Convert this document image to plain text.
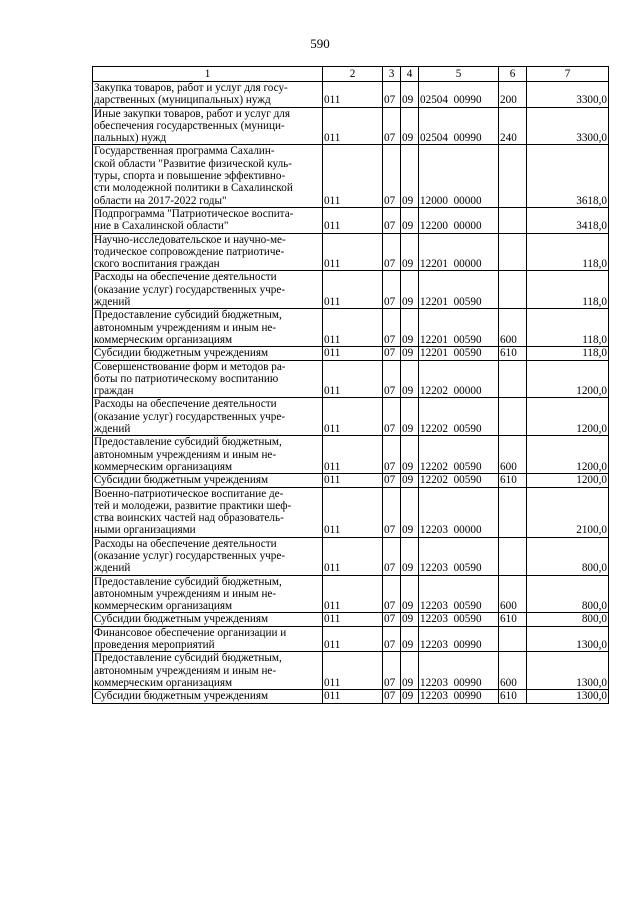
590
1	2	3	4	5	6	7

Закупка товаров, работ и услуг для госу-
дарственных (муниципальных) нужд	011	07	09	02504  00990	200	3300,0

Иные закупки товаров, работ и услуг для
обеспечения государственных (муници-
пальных) нужд	011	07	09	02504  00990	240	3300,0

Государственная программа Сахалин-
ской области "Развитие физической куль-
туры, спорта и повышение эффективно-
сти молодежной политики в Сахалинской
области на 2017-2022 годы"	011	07	09	12000  00000		3618,0

Подпрограмма "Патриотическое воспита-
ние в Сахалинской области"	011	07	09	12200  00000		3418,0

Научно-исследовательское и научно-ме-
тодическое сопровождение патриотиче-
ского воспитания граждан	011	07	09	12201  00000		118,0

Расходы на обеспечение деятельности
(оказание услуг) государственных учре-
ждений	011	07	09	12201  00590		118,0

Предоставление субсидий бюджетным,
автономным учреждениям и иным не-
коммерческим организациям	011	07	09	12201  00590	600	118,0

Субсидии бюджетным учреждениям	011	07	09	12201  00590	610	118,0

Совершенствование форм и методов ра-
боты по патриотическому воспитанию
граждан	011	07	09	12202  00000		1200,0

Расходы на обеспечение деятельности
(оказание услуг) государственных учре-
ждений	011	07	09	12202  00590		1200,0

Предоставление субсидий бюджетным,
автономным учреждениям и иным не-
коммерческим организациям	011	07	09	12202  00590	600	1200,0

Субсидии бюджетным учреждениям	011	07	09	12202  00590	610	1200,0

Военно-патриотическое воспитание де-
тей и молодежи, развитие практики шеф-
ства воинских частей над образователь-
ными организациями	011	07	09	12203  00000		2100,0

Расходы на обеспечение деятельности
(оказание услуг) государственных учре-
ждений	011	07	09	12203  00590		800,0

Предоставление субсидий бюджетным,
автономным учреждениям и иным не-
коммерческим организациям	011	07	09	12203  00590	600	800,0

Субсидии бюджетным учреждениям	011	07	09	12203  00590	610	800,0

Финансовое обеспечение организации и
проведения мероприятий	011	07	09	12203  00990		1300,0

Предоставление субсидий бюджетным,
автономным учреждениям и иным не-
коммерческим организациям	011	07	09	12203  00990	600	1300,0

Субсидии бюджетным учреждениям	011	07	09	12203  00990	610	1300,0
